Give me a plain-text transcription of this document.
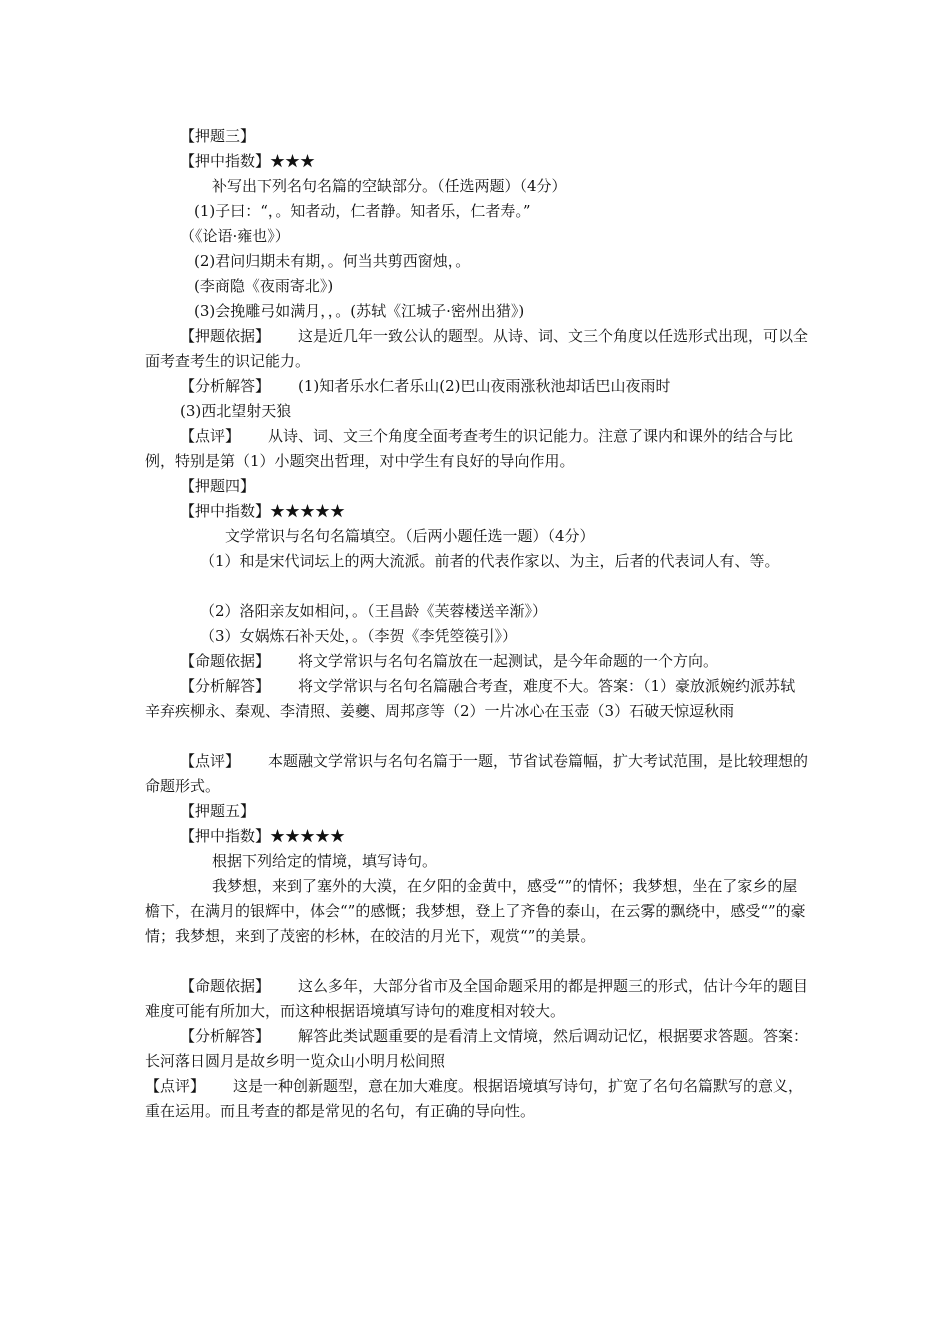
【押题三】
【押中指数】★★★
补写出下列名句名篇的空缺部分。（任选两题）（4分）
(1)子曰：“，。知者动，仁者静。知者乐，仁者寿。”
（《论语·雍也》）
(2)君问归期未有期，。何当共剪西窗烛，。
(李商隐《夜雨寄北》)
(3)会挽雕弓如满月，，。(苏轼《江城子·密州出猎》)
【押题依据】 这是近几年一致公认的题型。从诗、词、文三个角度以任选形式出现，可以全面考查考生的识记能力。
【分析解答】 (1)知者乐水仁者乐山(2)巴山夜雨涨秋池却话巴山夜雨时
(3)西北望射天狼
【点评】 从诗、词、文三个角度全面考查考生的识记能力。注意了课内和课外的结合与比例，特别是第（1）小题突出哲理，对中学生有良好的导向作用。
【押题四】
【押中指数】★★★★★
文学常识与名句名篇填空。（后两小题任选一题）（4分）
（1）和是宋代词坛上的两大流派。前者的代表作家以、为主，后者的代表词人有、等。
（2）洛阳亲友如相问，。（王昌龄《芙蓉楼送辛渐》）
（3）女娲炼石补天处，。（李贺《李凭箜篌引》）
【命题依据】 将文学常识与名句名篇放在一起测试，是今年命题的一个方向。
【分析解答】 将文学常识与名句名篇融合考查，难度不大。答案：（1）豪放派婉约派苏轼辛弃疾柳永、秦观、李清照、姜夔、周邦彦等（2）一片冰心在玉壶（3）石破天惊逗秋雨
【点评】 本题融文学常识与名句名篇于一题，节省试卷篇幅，扩大考试范围，是比较理想的命题形式。
【押题五】
【押中指数】★★★★★
根据下列给定的情境，填写诗句。
我梦想，来到了塞外的大漠，在夕阳的金黄中，感受“”的情怀；我梦想，坐在了家乡的屋檐下，在满月的银辉中，体会“”的感慨；我梦想，登上了齐鲁的泰山，在云雾的飘绕中，感受“”的豪情；我梦想，来到了茂密的杉林，在皎洁的月光下，观赏“”的美景。
【命题依据】 这么多年，大部分省市及全国命题采用的都是押题三的形式，估计今年的题目难度可能有所加大，而这种根据语境填写诗句的难度相对较大。
【分析解答】 解答此类试题重要的是看清上文情境，然后调动记忆，根据要求答题。答案：长河落日圆月是故乡明一览众山小明月松间照
【点评】 这是一种创新题型，意在加大难度。根据语境填写诗句，扩宽了名句名篇默写的意义，重在运用。而且考查的都是常见的名句，有正确的导向性。
